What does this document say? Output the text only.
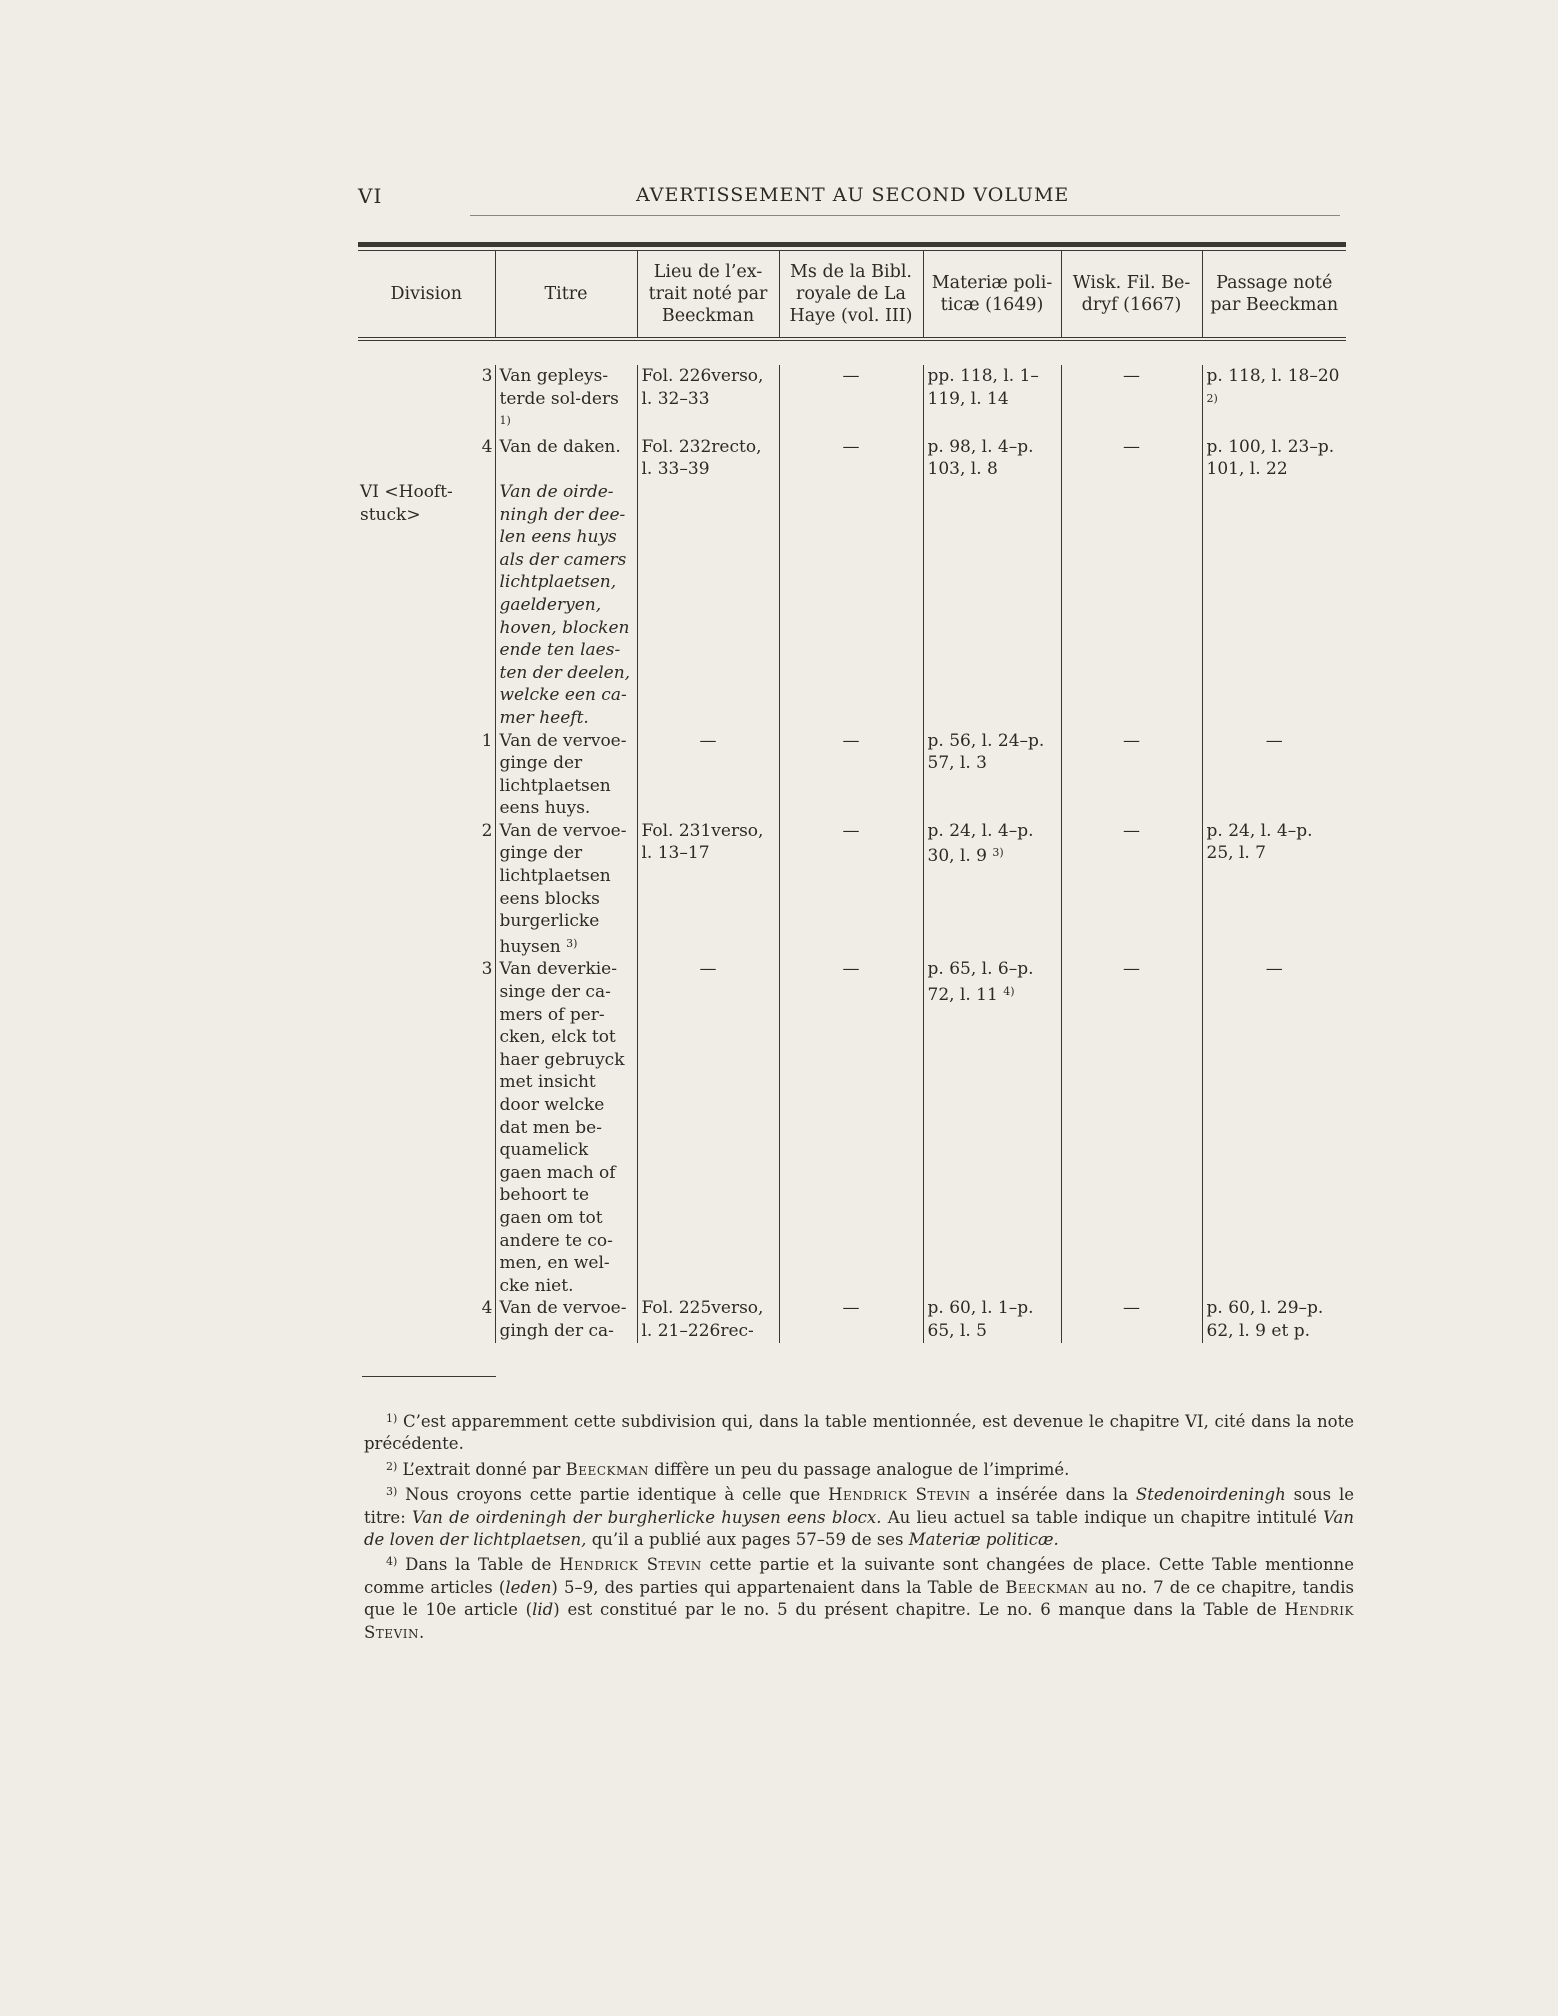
VI	AVERTISSEMENT AU SECOND VOLUME
Division	Titre	Lieu de l’ex-trait noté par Beeckman	Ms de la Bibl. royale de La Haye (vol. III)	Materiæ poli-ticæ (1649)	Wisk. Fil. Be-dryf (1667)	Passage noté par Beeckman
3	Van gepleys-terde sol-ders $^{1)}$	Fol. 226verso, l. 32–33	—	pp. 118, l. 1–119, l. 14	—	p. 118, l. 18–20 $^{2)}$
4	Van de daken.	Fol. 232recto, l. 33–39	—	p. 98, l. 4–p. 103, l. 8	—	p. 100, l. 23–p. 101, l. 22
VI <Hooft-stuck>	Van de oirde-ningh der dee-len eens huys als der camers lichtplaetsen, gaelderyen, hoven, blocken ende ten laes-ten der deelen, welcke een ca-mer heeft.					
1	Van de vervoe-ginge der lichtplaetsen eens huys.	—	—	p. 56, l. 24–p. 57, l. 3	—	—
2	Van de vervoe-ginge der lichtplaetsen eens blocks burgerlicke huysen $^{3)}$	Fol. 231verso, l. 13–17	—	p. 24, l. 4–p. 30, l. 9 $^{3)}$	—	p. 24, l. 4–p. 25, l. 7
3	Van deverkie-singe der ca-mers of per-cken, elck tot haer gebruyck met insicht door welcke dat men be-quamelick gaen mach of behoort te gaen om tot andere te co-men, en wel-cke niet.	—	—	p. 65, l. 6–p. 72, l. 11 $^{4)}$	—	—
4	Van de vervoe-gingh der ca-	Fol. 225verso, l. 21–226rec-	—	p. 60, l. 1–p. 65, l. 5	—	p. 60, l. 29–p. 62, l. 9 et p.

$^{1)}$ C’est apparemment cette subdivision qui, dans la table mentionnée, est devenue le chapitre VI, cité dans la note précédente.

$^{2)}$ L’extrait donné par Beeckman diffère un peu du passage analogue de l’imprimé.

$^{3)}$ Nous croyons cette partie identique à celle que Hendrick Stevin a insérée dans la Stedenoirdeningh sous le titre: Van de oirdeningh der burgherlicke huysen eens blocx. Au lieu actuel sa table indique un chapitre intitulé Van de loven der lichtplaetsen, qu’il a publié aux pages 57–59 de ses Materiæ politicæ.

$^{4)}$ Dans la Table de Hendrick Stevin cette partie et la suivante sont changées de place. Cette Table mentionne comme articles (leden) 5–9, des parties qui appartenaient dans la Table de Beeckman au no. 7 de ce chapitre, tandis que le 10e article (lid) est constitué par le no. 5 du présent chapitre. Le no. 6 manque dans la Table de Hendrik Stevin.
